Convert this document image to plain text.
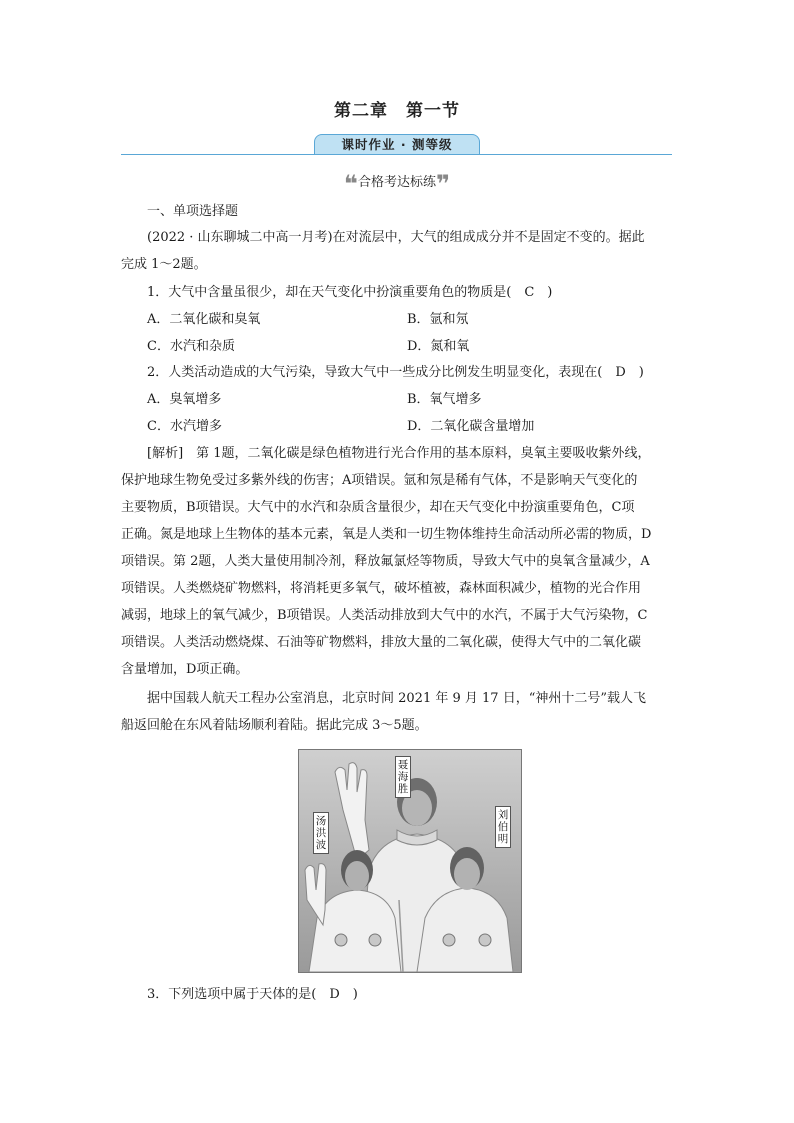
第二章　第一节
课时作业 · 测等级
❝合格考达标练❞
一、单项选择题
(2022 · 山东聊城二中高一月考)在对流层中，大气的组成成分并不是固定不变的。据此
完成 1～2题。
1．大气中含量虽很少，却在天气变化中扮演重要角色的物质是(　C　)
A．二氧化碳和臭氧	B．氩和氖
C．水汽和杂质	D．氮和氧
2．人类活动造成的大气污染，导致大气中一些成分比例发生明显变化，表现在(　D　)
A．臭氧增多	B．氧气增多
C．水汽增多	D．二氧化碳含量增加
[解析]　第 1题，二氧化碳是绿色植物进行光合作用的基本原料，臭氧主要吸收紫外线，
保护地球生物免受过多紫外线的伤害；A项错误。氩和氖是稀有气体，不是影响天气变化的
主要物质，B项错误。大气中的水汽和杂质含量很少，却在天气变化中扮演重要角色，C项
正确。氮是地球上生物体的基本元素，氧是人类和一切生物体维持生命活动所必需的物质，D
项错误。第 2题，人类大量使用制冷剂，释放氟氯烃等物质，导致大气中的臭氧含量减少，A
项错误。人类燃烧矿物燃料，将消耗更多氧气，破坏植被，森林面积减少，植物的光合作用
减弱，地球上的氧气减少，B项错误。人类活动排放到大气中的水汽，不属于大气污染物，C
项错误。人类活动燃烧煤、石油等矿物燃料，排放大量的二氧化碳，使得大气中的二氧化碳
含量增加，D项正确。
据中国载人航天工程办公室消息，北京时间 2021 年 9 月 17 日，“神州十二号”载人飞
船返回舱在东风着陆场顺利着陆。据此完成 3～5题。
聂海胜
刘伯明
汤洪波
3．下列选项中属于天体的是(　D　)
